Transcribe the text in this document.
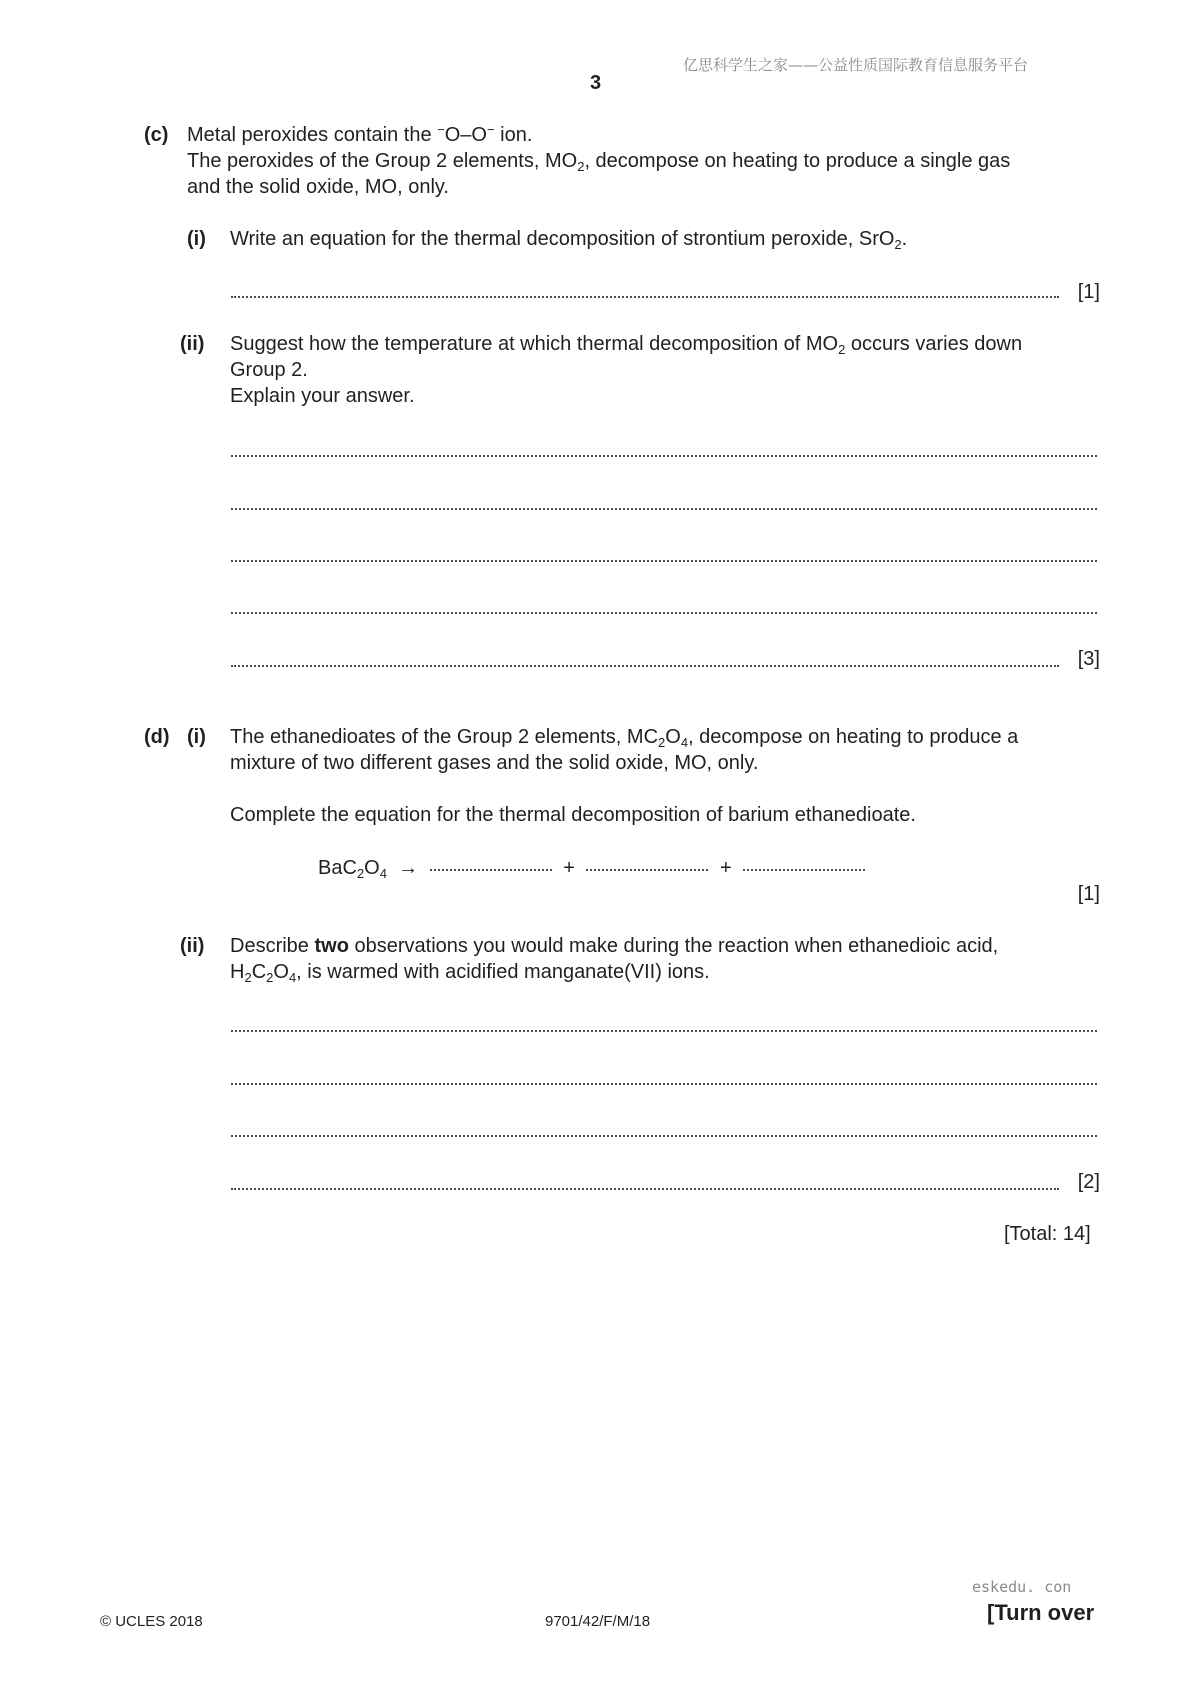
亿思科学生之家——公益性质国际教育信息服务平台
3
(c) Metal peroxides contain the −O–O− ion.
The peroxides of the Group 2 elements, $MO_2$, decompose on heating to produce a single gas
and the solid oxide, MO, only.
(i) Write an equation for the thermal decomposition of strontium peroxide, SrO$_2$.
[1]
(ii) Suggest how the temperature at which thermal decomposition of $MO_2$ occurs varies down
Group 2.
Explain your answer.
[3]
(d) (i) The ethanedioates of the Group 2 elements, $MC_2O_4$, decompose on heating to produce a
mixture of two different gases and the solid oxide, MO, only.
Complete the equation for the thermal decomposition of barium ethanedioate.
$BaC_2O_4$ →	+	+
[1]
(ii) Describe two observations you would make during the reaction when ethanedioic acid,
$H_2C_2O_4$, is warmed with acidified manganate(VII) ions.
[2]
[Total: 14]
eskedu. con
© UCLES 2018	9701/42/F/M/18	[Turn over
